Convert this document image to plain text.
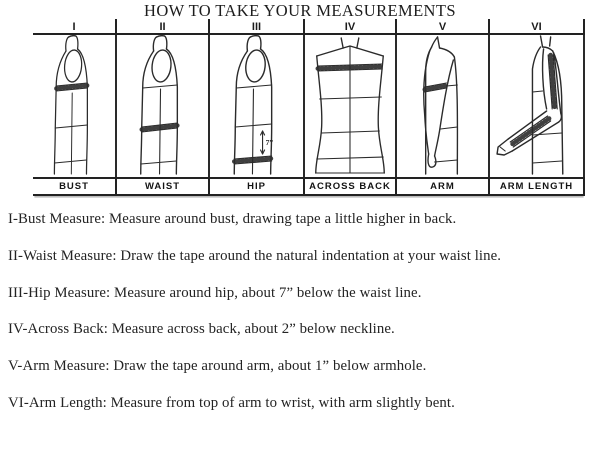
HOW TO TAKE YOUR MEASUREMENTS
I	II	III	IV	V	VI
7”
BUST	WAIST	HIP	ACROSS BACK	ARM	ARM LENGTH

I-Bust Measure: Measure around bust, drawing tape a little higher in back.

II-Waist Measure: Draw the tape around the natural indentation at your waist line.

III-Hip Measure: Measure around hip, about 7” below the waist line.

IV-Across Back: Measure across back, about 2” below neckline.

V-Arm Measure: Draw the tape around arm, about 1” below armhole.

VI-Arm Length: Measure from top of arm to wrist, with arm slightly bent.
